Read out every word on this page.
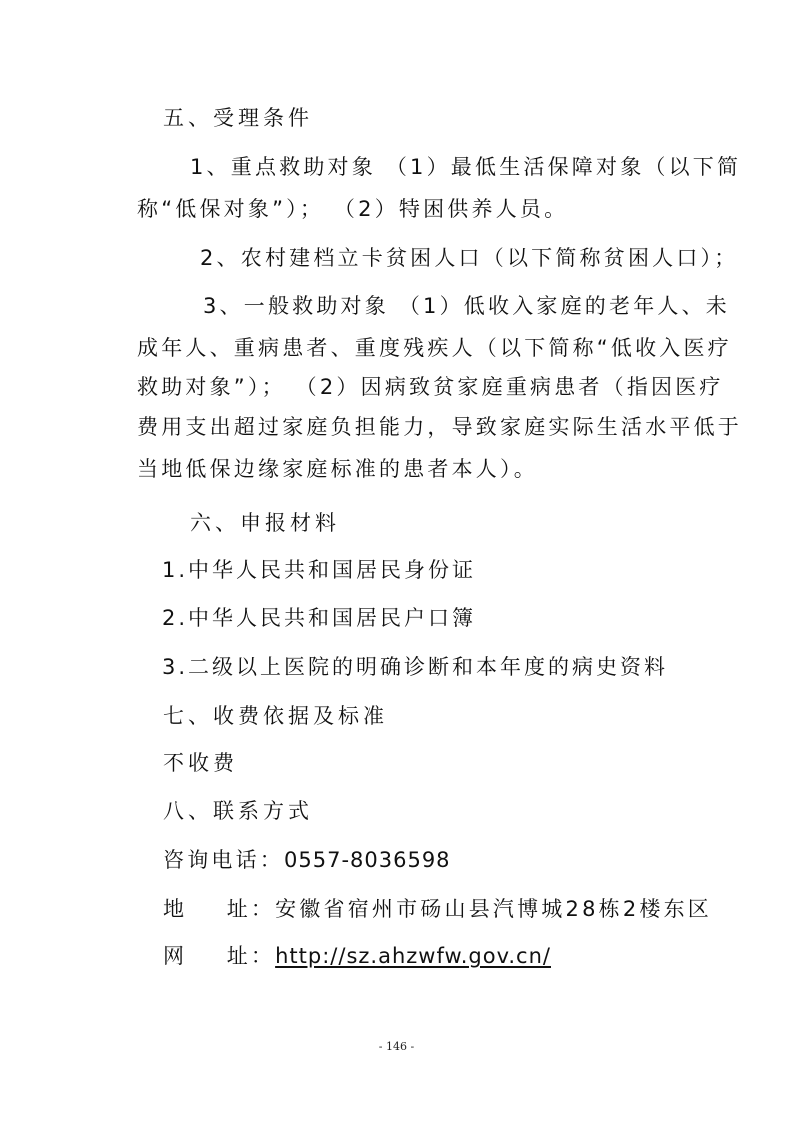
五、受理条件
1、重点救助对象 （1）最低生活保障对象（以下简
称“低保对象”）； （2）特困供养人员。
2、农村建档立卡贫困人口（以下简称贫困人口）；
3、一般救助对象 （1）低收入家庭的老年人、未
成年人、重病患者、重度残疾人（以下简称“低收入医疗
救助对象”）； （2）因病致贫家庭重病患者（指因医疗
费用支出超过家庭负担能力，导致家庭实际生活水平低于
当地低保边缘家庭标准的患者本人）。
六、申报材料
1.中华人民共和国居民身份证
2.中华人民共和国居民户口簿
3.二级以上医院的明确诊断和本年度的病史资料
七、收费依据及标准
不收费
八、联系方式
咨询电话：0557-8036598
地    址：安徽省宿州市砀山县汽博城28栋2楼东区
网    址：http://sz.ahzwfw.gov.cn/
- 146 -
